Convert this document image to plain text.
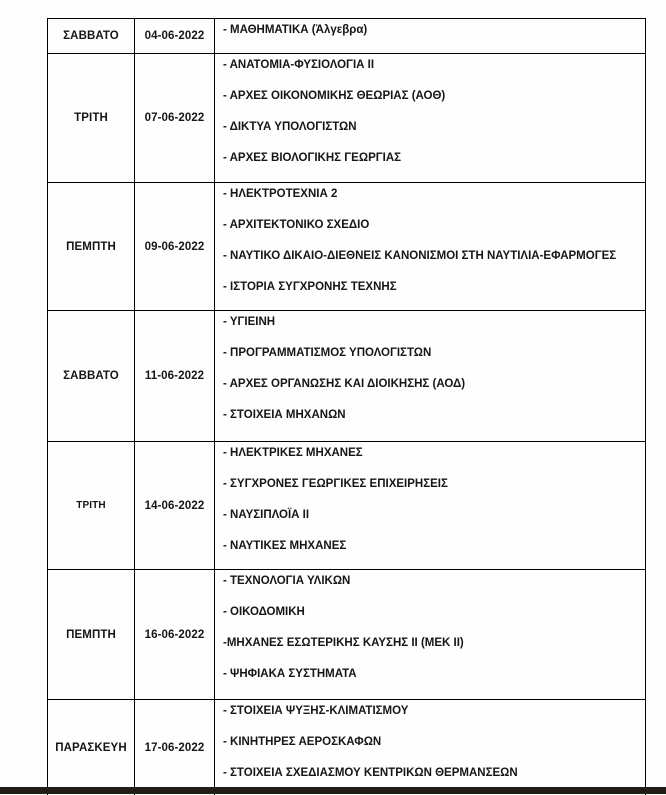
ΣΑΒΒΑΤΟ	04-06-2022	- ΜΑΘΗΜΑΤΙΚΑ (Άλγεβρα)

ΤΡΙΤΗ	07-06-2022	- ΑΝΑΤΟΜΙΑ-ΦΥΣΙΟΛΟΓΙΑ II

- ΑΡΧΕΣ ΟΙΚΟΝΟΜΙΚΗΣ ΘΕΩΡΙΑΣ (ΑΟΘ)

- ΔΙΚΤΥΑ ΥΠΟΛΟΓΙΣΤΩΝ

- ΑΡΧΕΣ ΒΙΟΛΟΓΙΚΗΣ ΓΕΩΡΓΙΑΣ

ΠΕΜΠΤΗ	09-06-2022	- ΗΛΕΚΤΡΟΤΕΧΝΙΑ 2

- ΑΡΧΙΤΕΚΤΟΝΙΚΟ ΣΧΕΔΙΟ

- ΝΑΥΤΙΚΟ ΔΙΚΑΙΟ-ΔΙΕΘΝΕΙΣ ΚΑΝΟΝΙΣΜΟΙ ΣΤΗ ΝΑΥΤΙΛΙΑ-ΕΦΑΡΜΟΓΕΣ

- ΙΣΤΟΡΙΑ ΣΥΓΧΡΟΝΗΣ ΤΕΧΝΗΣ

ΣΑΒΒΑΤΟ	11-06-2022	- ΥΓΙΕΙΝΗ

- ΠΡΟΓΡΑΜΜΑΤΙΣΜΟΣ ΥΠΟΛΟΓΙΣΤΩΝ

- ΑΡΧΕΣ ΟΡΓΑΝΩΣΗΣ ΚΑΙ ΔΙΟΙΚΗΣΗΣ (ΑΟΔ)

- ΣΤΟΙΧΕΙΑ ΜΗΧΑΝΩΝ

ΤΡΙΤΗ	14-06-2022	- ΗΛΕΚΤΡΙΚΕΣ ΜΗΧΑΝΕΣ

- ΣΥΓΧΡΟΝΕΣ ΓΕΩΡΓΙΚΕΣ ΕΠΙΧΕΙΡΗΣΕΙΣ

- ΝΑΥΣΙΠΛΟΪΑ II

- ΝΑΥΤΙΚΕΣ ΜΗΧΑΝΕΣ

ΠΕΜΠΤΗ	16-06-2022	- ΤΕΧΝΟΛΟΓΙΑ ΥΛΙΚΩΝ

- ΟΙΚΟΔΟΜΙΚΗ

-ΜΗΧΑΝΕΣ ΕΣΩΤΕΡΙΚΗΣ ΚΑΥΣΗΣ II (ΜΕΚ II)

- ΨΗΦΙΑΚΑ ΣΥΣΤΗΜΑΤΑ

ΠΑΡΑΣΚΕΥΗ	17-06-2022	- ΣΤΟΙΧΕΙΑ ΨΥΞΗΣ-ΚΛΙΜΑΤΙΣΜΟΥ

- ΚΙΝΗΤΗΡΕΣ ΑΕΡΟΣΚΑΦΩΝ

- ΣΤΟΙΧΕΙΑ ΣΧΕΔΙΑΣΜΟΥ ΚΕΝΤΡΙΚΩΝ ΘΕΡΜΑΝΣΕΩΝ
